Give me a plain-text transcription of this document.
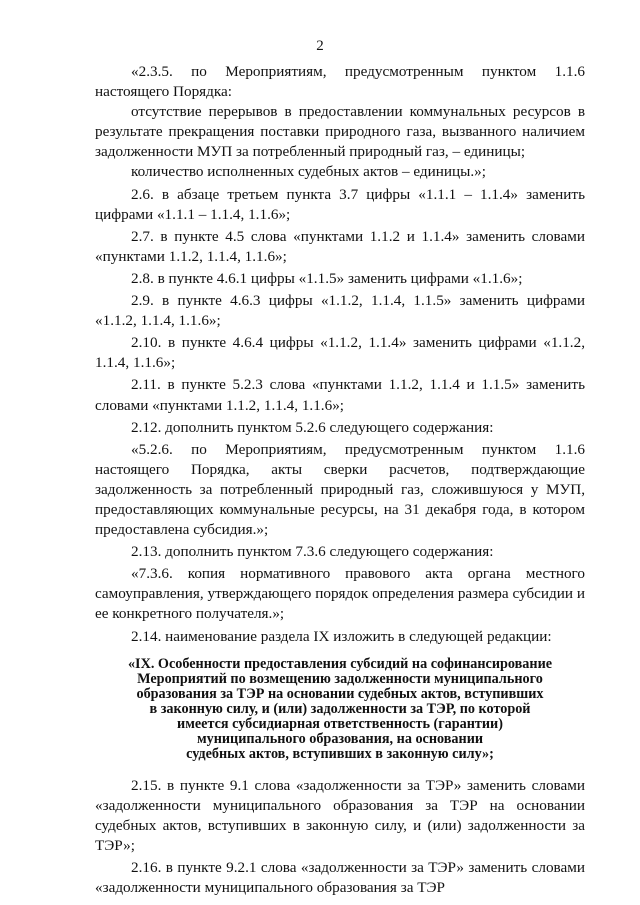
2

«2.3.5. по Мероприятиям, предусмотренным пунктом 1.1.6 настоящего Порядка:

отсутствие перерывов в предоставлении коммунальных ресурсов в результате прекращения поставки природного газа, вызванного наличием задолженности МУП за потребленный природный газ, – единицы;

количество исполненных судебных актов – единицы.»;

2.6. в абзаце третьем пункта 3.7 цифры «1.1.1 – 1.1.4» заменить цифрами «1.1.1 – 1.1.4, 1.1.6»;

2.7. в пункте 4.5 слова «пунктами 1.1.2 и 1.1.4» заменить словами «пунктами 1.1.2, 1.1.4, 1.1.6»;

2.8. в пункте 4.6.1 цифры «1.1.5» заменить цифрами «1.1.6»;

2.9. в пункте 4.6.3 цифры «1.1.2, 1.1.4, 1.1.5» заменить цифрами «1.1.2, 1.1.4, 1.1.6»;

2.10. в пункте 4.6.4 цифры «1.1.2, 1.1.4» заменить цифрами «1.1.2, 1.1.4, 1.1.6»;

2.11. в пункте 5.2.3 слова «пунктами 1.1.2, 1.1.4 и 1.1.5» заменить словами «пунктами 1.1.2, 1.1.4, 1.1.6»;

2.12. дополнить пунктом 5.2.6 следующего содержания:

«5.2.6. по Мероприятиям, предусмотренным пунктом 1.1.6 настоящего Порядка, акты сверки расчетов, подтверждающие задолженность за потребленный природный газ, сложившуюся у МУП, предоставляющих коммунальные ресурсы, на 31 декабря года, в котором предоставлена субсидия.»;

2.13. дополнить пунктом 7.3.6 следующего содержания:

«7.3.6. копия нормативного правового акта органа местного самоуправления, утверждающего порядок определения размера субсидии и ее конкретного получателя.»;

2.14. наименование раздела IX изложить в следующей редакции:

«IX. Особенности предоставления субсидий на софинансирование
Мероприятий по возмещению задолженности муниципального
образования за ТЭР на основании судебных актов, вступивших
в законную силу, и (или) задолженности за ТЭР, по которой
имеется субсидиарная ответственность (гарантии)
муниципального образования, на основании
судебных актов, вступивших в законную силу»;

2.15. в пункте 9.1 слова «задолженности за ТЭР» заменить словами «задолженности муниципального образования за ТЭР на основании судебных актов, вступивших в законную силу, и (или) задолженности за ТЭР»;

2.16. в пункте 9.2.1 слова «задолженности за ТЭР» заменить словами «задолженности муниципального образования за ТЭР
